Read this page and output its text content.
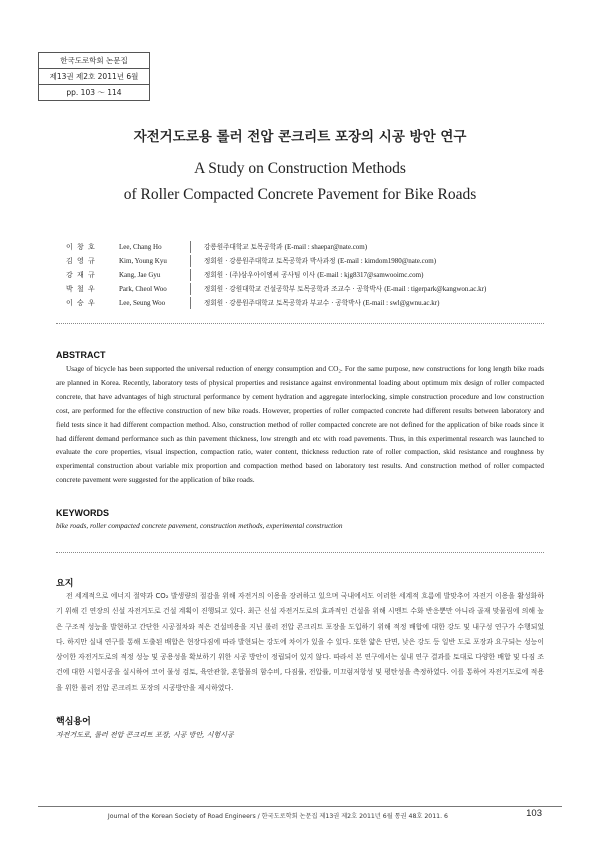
한국도로학회 논문집
제13권 제2호 2011년 6월
pp. 103 ～ 114
자전거도로용 롤러 전압 콘크리트 포장의 시공 방안 연구
A Study on Construction Methods
of Roller Compacted Concrete Pavement for Bike Roads
이 창 호	Lee, Chang Ho	강릉원주대학교 토목공학과 (E-mail : shaepar@nate.com)
김 영 규	Kim, Young Kyu	정회원 · 강릉원주대학교 토목공학과 박사과정 (E-mail : kimdom1980@nate.com)
강 재 규	Kang, Jae Gyu	정회원 · (주)삼우아이엠씨 공사팀 이사 (E-mail : kjg8317@samwooimc.com)
박 철 우	Park, Cheol Woo	정회원 · 강원대학교 건설공학부 토목공학과 조교수 · 공학박사 (E-mail : tigerpark@kangwon.ac.kr)
이 승 우	Lee, Seung Woo	정회원 · 강릉원주대학교 토목공학과 부교수 · 공학박사 (E-mail : swl@gwnu.ac.kr)
ABSTRACT

Usage of bicycle has been supported the universal reduction of energy consumption and CO₂. For the same purpose, new constructions for long length bike roads are planned in Korea. Recently, laboratory tests of physical properties and resistance against environmental loading about optimum mix design of roller compacted concrete, that have advantages of high structural performance by cement hydration and aggregate interlocking, simple construction procedure and low construction cost, are performed for the effective construction of new bike roads. However, properties of roller compacted concrete had different results between laboratory and field tests since it had different compaction method. Also, construction method of roller compacted concrete are not defined for the application of bike roads since it had different demand performance such as thin pavement thickness, low strength and etc with road pavements. Thus, in this experimental research was launched to evaluate the core properties, visual inspection, compaction ratio, water content, thickness reduction rate of roller compaction, skid resistance and roughness by experimental construction about variable mix proportion and compaction method based on laboratory test results. And construction method of roller compacted concrete pavement were suggested for the application of bike roads.

KEYWORDS
bike roads, roller compacted concrete pavement, construction methods, experimental construction
요지

전 세계적으로 에너지 절약과 CO₂ 발생량의 절감을 위해 자전거의 이용을 장려하고 있으며 국내에서도 이러한 세계적 흐름에 발맞추어 자전거 이용을 활성화하기 위해 긴 연장의 신설 자전거도로 건설 계획이 진행되고 있다. 최근 신설 자전거도로의 효과적인 건설을 위해 시멘트 수화 반응뿐만 아니라 골재 맞물림에 의해 높은 구조적 성능을 발현하고 간단한 시공절차와 적은 건설비용을 지닌 롤러 전압 콘크리트 포장을 도입하기 위해 적정 배합에 대한 강도 및 내구성 연구가 수행되었다. 하지만 실내 연구를 통해 도출된 배합은 현장다짐에 따라 발현되는 강도에 차이가 있을 수 있다. 또한 얇은 단면, 낮은 강도 등 일반 도로 포장과 요구되는 성능이 상이한 자전거도로의 적정 성능 및 공용성을 확보하기 위한 시공 방안이 정립되어 있지 않다. 따라서 본 연구에서는 실내 연구 결과를 토대로 다양한 배합 및 다짐 조건에 대한 시험시공을 실시하여 코어 물성 검토, 육안관찰, 혼합물의 함수비, 다짐률, 전압률, 미끄럼저항성 및 평탄성을 측정하였다. 이를 통하여 자전거도로에 적용을 위한 롤러 전압 콘크리트 포장의 시공방안을 제시하였다.

핵심용어
자전거도로, 롤러 전압 콘크리트 포장, 시공 방안, 시험시공
Journal of the Korean Society of Road Engineers / 한국도로학회 논문집 제13권 제2호 2011년 6월 통권 48호 2011. 6	103
